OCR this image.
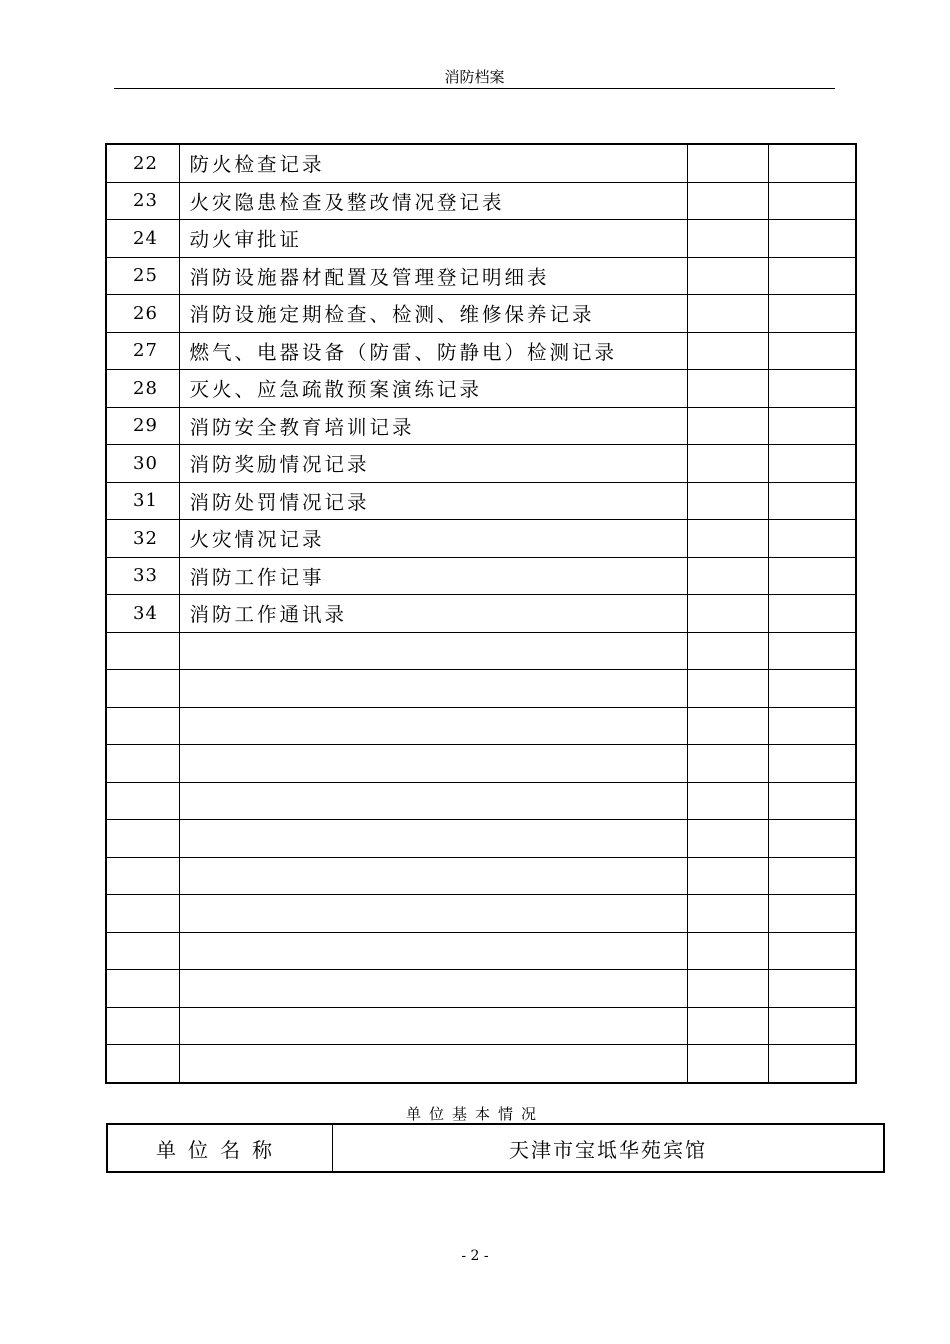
消防档案
22	防火检查记录		
23	火灾隐患检查及整改情况登记表		
24	动火审批证		
25	消防设施器材配置及管理登记明细表		
26	消防设施定期检查、检测、维修保养记录		
27	燃气、电器设备（防雷、防静电）检测记录		
28	灭火、应急疏散预案演练记录		
29	消防安全教育培训记录		
30	消防奖励情况记录		
31	消防处罚情况记录		
32	火灾情况记录		
33	消防工作记事		
34	消防工作通讯录		

单位基本情况
单位名称	天津市宝坻华苑宾馆
- 2 -
